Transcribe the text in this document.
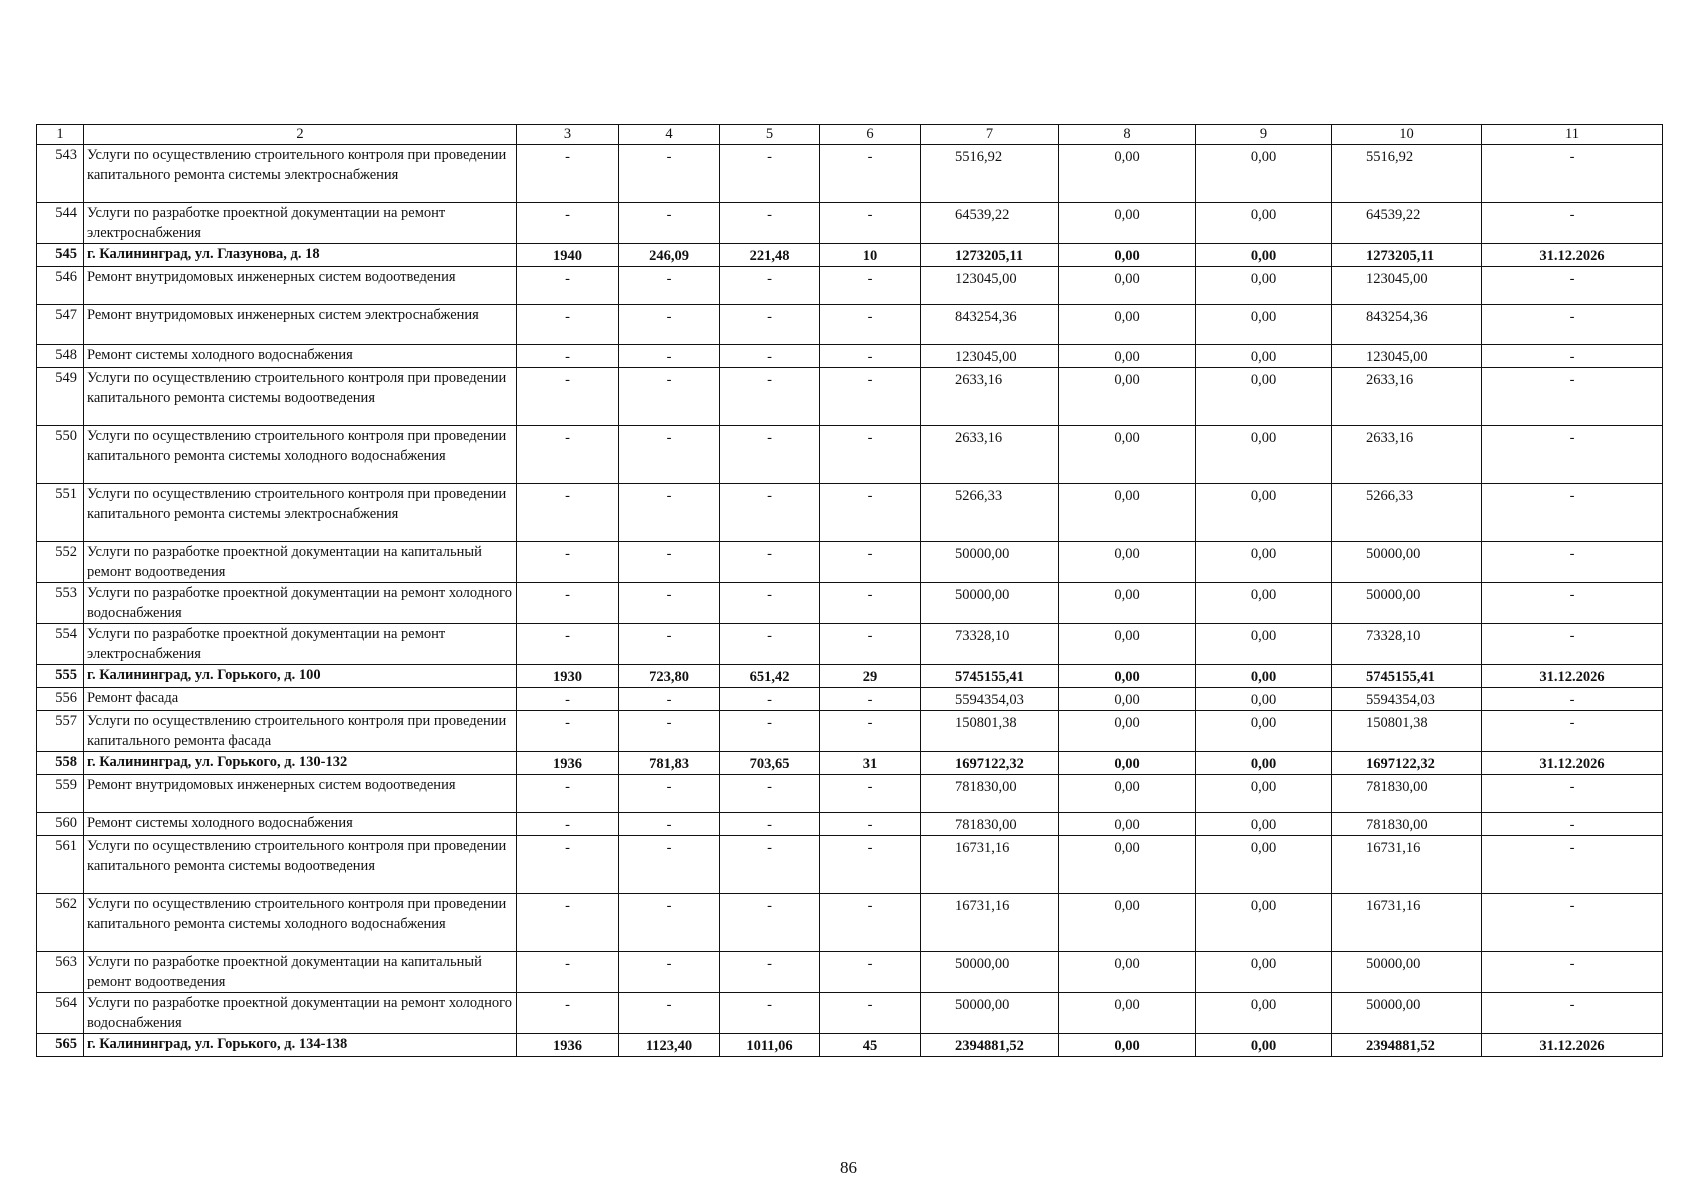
1	2	3	4	5	6	7	8	9	10	11
543	Услуги по осуществлению строительного контроля при проведении капитального ремонта системы электроснабжения	-	-	-	-	5516,92	0,00	0,00	5516,92	-
544	Услуги по разработке проектной документации на ремонт электроснабжения	-	-	-	-	64539,22	0,00	0,00	64539,22	-
545	г. Калининград, ул. Глазунова, д. 18	1940	246,09	221,48	10	1273205,11	0,00	0,00	1273205,11	31.12.2026
546	Ремонт внутридомовых инженерных систем водоотведения	-	-	-	-	123045,00	0,00	0,00	123045,00	-
547	Ремонт внутридомовых инженерных систем электроснабжения	-	-	-	-	843254,36	0,00	0,00	843254,36	-
548	Ремонт системы холодного водоснабжения	-	-	-	-	123045,00	0,00	0,00	123045,00	-
549	Услуги по осуществлению строительного контроля при проведении капитального ремонта системы водоотведения	-	-	-	-	2633,16	0,00	0,00	2633,16	-
550	Услуги по осуществлению строительного контроля при проведении капитального ремонта системы холодного водоснабжения	-	-	-	-	2633,16	0,00	0,00	2633,16	-
551	Услуги по осуществлению строительного контроля при проведении капитального ремонта системы электроснабжения	-	-	-	-	5266,33	0,00	0,00	5266,33	-
552	Услуги по разработке проектной документации на капитальный ремонт водоотведения	-	-	-	-	50000,00	0,00	0,00	50000,00	-
553	Услуги по разработке проектной документации на ремонт холодного водоснабжения	-	-	-	-	50000,00	0,00	0,00	50000,00	-
554	Услуги по разработке проектной документации на ремонт электроснабжения	-	-	-	-	73328,10	0,00	0,00	73328,10	-
555	г. Калининград, ул. Горького, д. 100	1930	723,80	651,42	29	5745155,41	0,00	0,00	5745155,41	31.12.2026
556	Ремонт фасада	-	-	-	-	5594354,03	0,00	0,00	5594354,03	-
557	Услуги по осуществлению строительного контроля при проведении капитального ремонта фасада	-	-	-	-	150801,38	0,00	0,00	150801,38	-
558	г. Калининград, ул. Горького, д. 130-132	1936	781,83	703,65	31	1697122,32	0,00	0,00	1697122,32	31.12.2026
559	Ремонт внутридомовых инженерных систем водоотведения	-	-	-	-	781830,00	0,00	0,00	781830,00	-
560	Ремонт системы холодного водоснабжения	-	-	-	-	781830,00	0,00	0,00	781830,00	-
561	Услуги по осуществлению строительного контроля при проведении капитального ремонта системы водоотведения	-	-	-	-	16731,16	0,00	0,00	16731,16	-
562	Услуги по осуществлению строительного контроля при проведении капитального ремонта системы холодного водоснабжения	-	-	-	-	16731,16	0,00	0,00	16731,16	-
563	Услуги по разработке проектной документации на капитальный ремонт водоотведения	-	-	-	-	50000,00	0,00	0,00	50000,00	-
564	Услуги по разработке проектной документации на ремонт холодного водоснабжения	-	-	-	-	50000,00	0,00	0,00	50000,00	-
565	г. Калининград, ул. Горького, д. 134-138	1936	1123,40	1011,06	45	2394881,52	0,00	0,00	2394881,52	31.12.2026
86
